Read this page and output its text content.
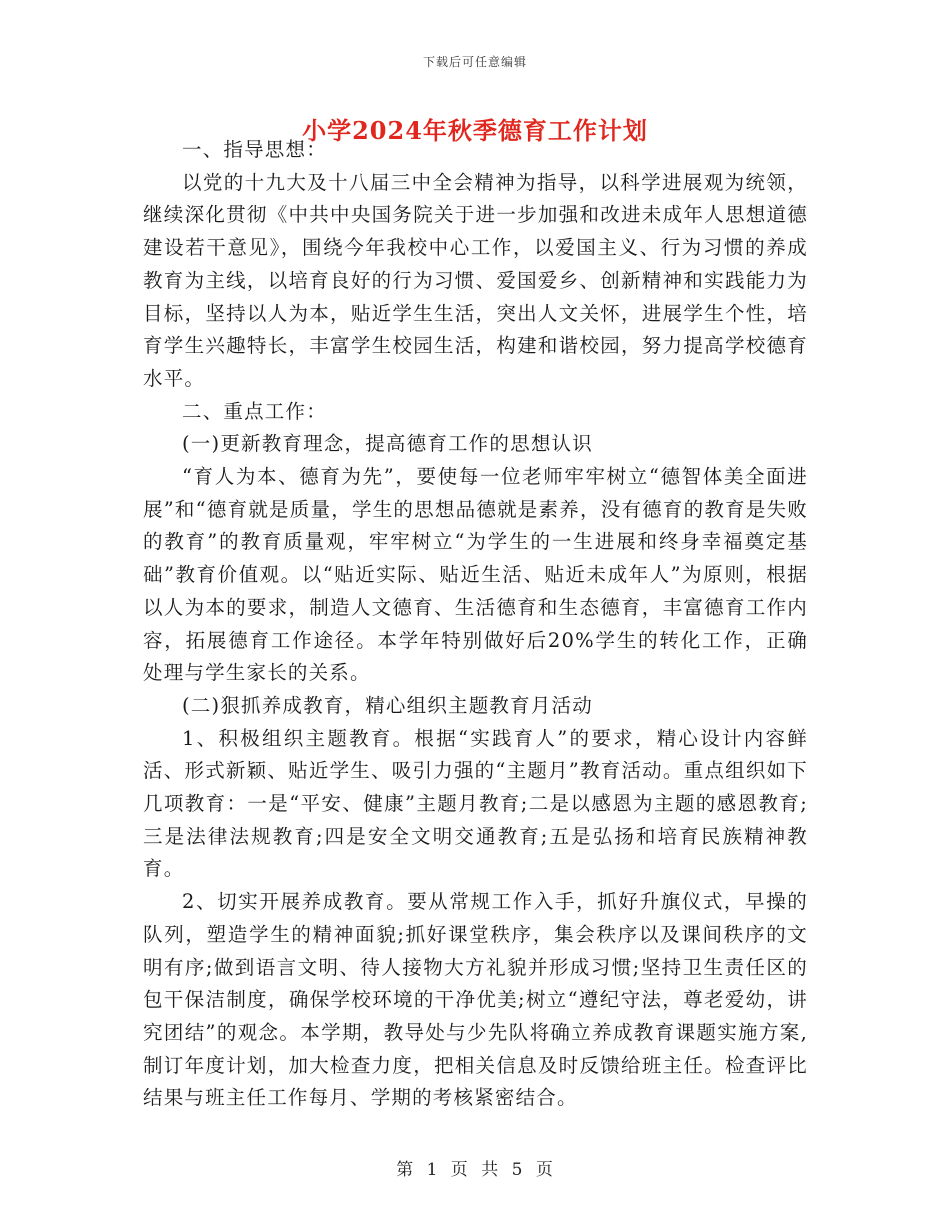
下载后可任意编辑
小学2024年秋季德育工作计划

一、指导思想：

以党的十九大及十八届三中全会精神为指导，以科学进展观为统领，继续深化贯彻《中共中央国务院关于进一步加强和改进未成年人思想道德建设若干意见》，围绕今年我校中心工作，以爱国主义、行为习惯的养成教育为主线，以培育良好的行为习惯、爱国爱乡、创新精神和实践能力为目标，坚持以人为本，贴近学生生活，突出人文关怀，进展学生个性，培育学生兴趣特长，丰富学生校园生活，构建和谐校园，努力提高学校德育水平。

二、重点工作：

(一)更新教育理念，提高德育工作的思想认识

“育人为本、德育为先”，要使每一位老师牢牢树立“德智体美全面进展”和“德育就是质量，学生的思想品德就是素养，没有德育的教育是失败的教育”的教育质量观，牢牢树立“为学生的一生进展和终身幸福奠定基础”教育价值观。以“贴近实际、贴近生活、贴近未成年人”为原则，根据以人为本的要求，制造人文德育、生活德育和生态德育，丰富德育工作内容，拓展德育工作途径。本学年特别做好后20%学生的转化工作，正确处理与学生家长的关系。

(二)狠抓养成教育，精心组织主题教育月活动

1、积极组织主题教育。根据“实践育人”的要求，精心设计内容鲜活、形式新颖、贴近学生、吸引力强的“主题月”教育活动。重点组织如下几项教育：一是“平安、健康”主题月教育;二是以感恩为主题的感恩教育;三是法律法规教育;四是安全文明交通教育;五是弘扬和培育民族精神教育。

2、切实开展养成教育。要从常规工作入手，抓好升旗仪式，早操的队列，塑造学生的精神面貌;抓好课堂秩序，集会秩序以及课间秩序的文明有序;做到语言文明、待人接物大方礼貌并形成习惯;坚持卫生责任区的包干保洁制度，确保学校环境的干净优美;树立“遵纪守法，尊老爱幼，讲究团结”的观念。本学期，教导处与少先队将确立养成教育课题实施方案,制订年度计划，加大检查力度，把相关信息及时反馈给班主任。检查评比结果与班主任工作每月、学期的考核紧密结合。

第 1 页 共 5 页
